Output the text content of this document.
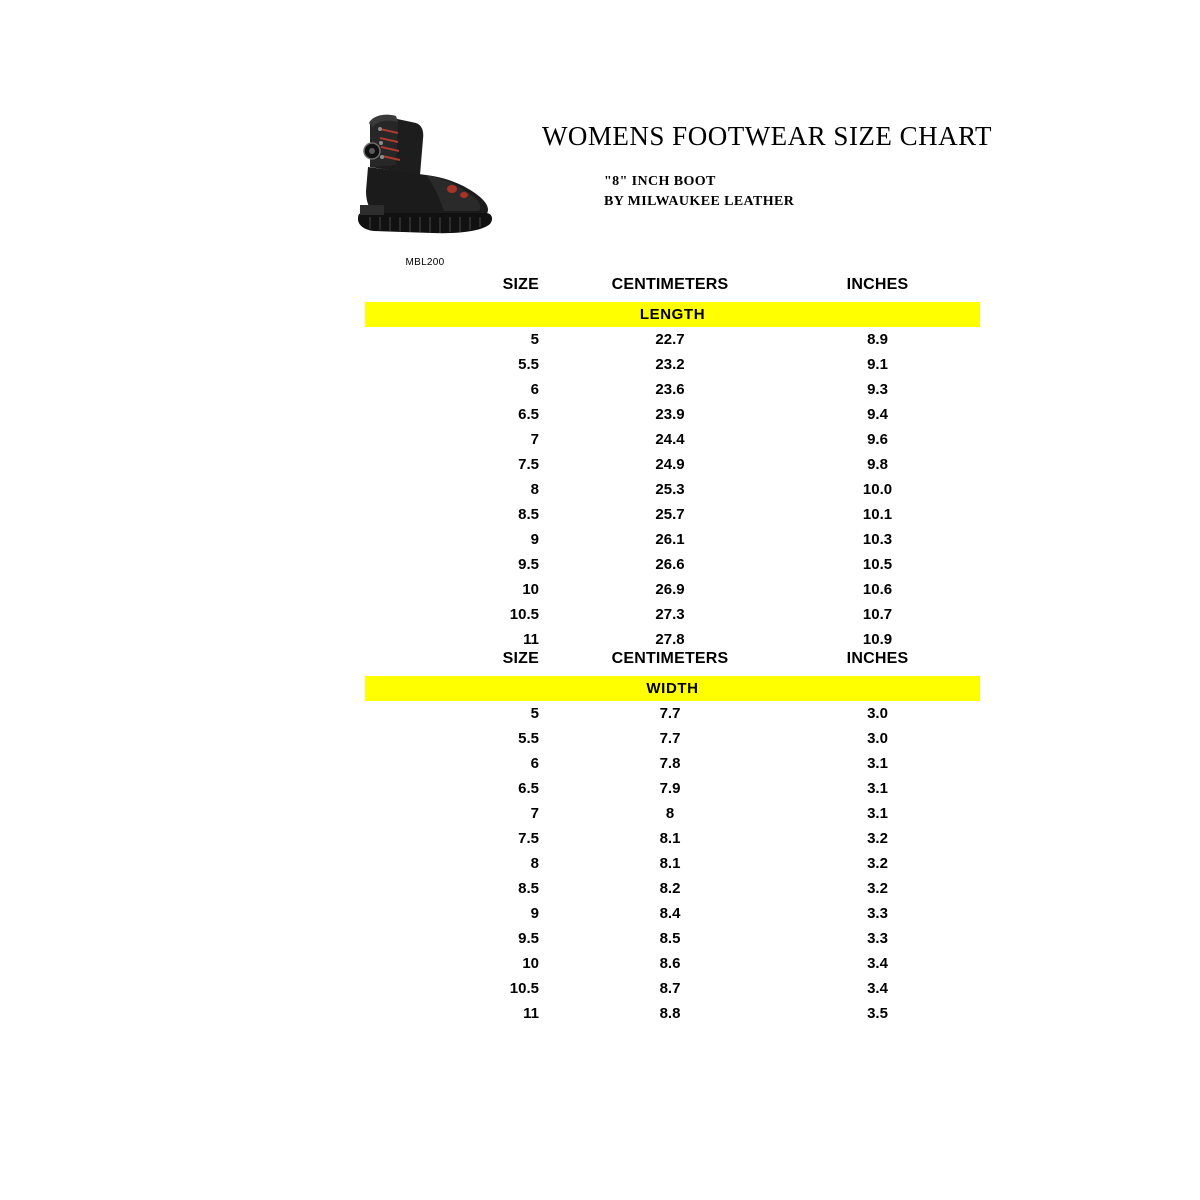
MBL200
WOMENS FOOTWEAR SIZE CHART
"8" INCH BOOT
BY MILWAUKEE LEATHER
SIZE	CENTIMETERS	INCHES
LENGTH		
5	22.7	8.9
5.5	23.2	9.1
6	23.6	9.3
6.5	23.9	9.4
7	24.4	9.6
7.5	24.9	9.8
8	25.3	10.0
8.5	25.7	10.1
9	26.1	10.3
9.5	26.6	10.5
10	26.9	10.6
10.5	27.3	10.7
11	27.8	10.9
SIZE	CENTIMETERS	INCHES
WIDTH		
5	7.7	3.0
5.5	7.7	3.0
6	7.8	3.1
6.5	7.9	3.1
7	8	3.1
7.5	8.1	3.2
8	8.1	3.2
8.5	8.2	3.2
9	8.4	3.3
9.5	8.5	3.3
10	8.6	3.4
10.5	8.7	3.4
11	8.8	3.5
